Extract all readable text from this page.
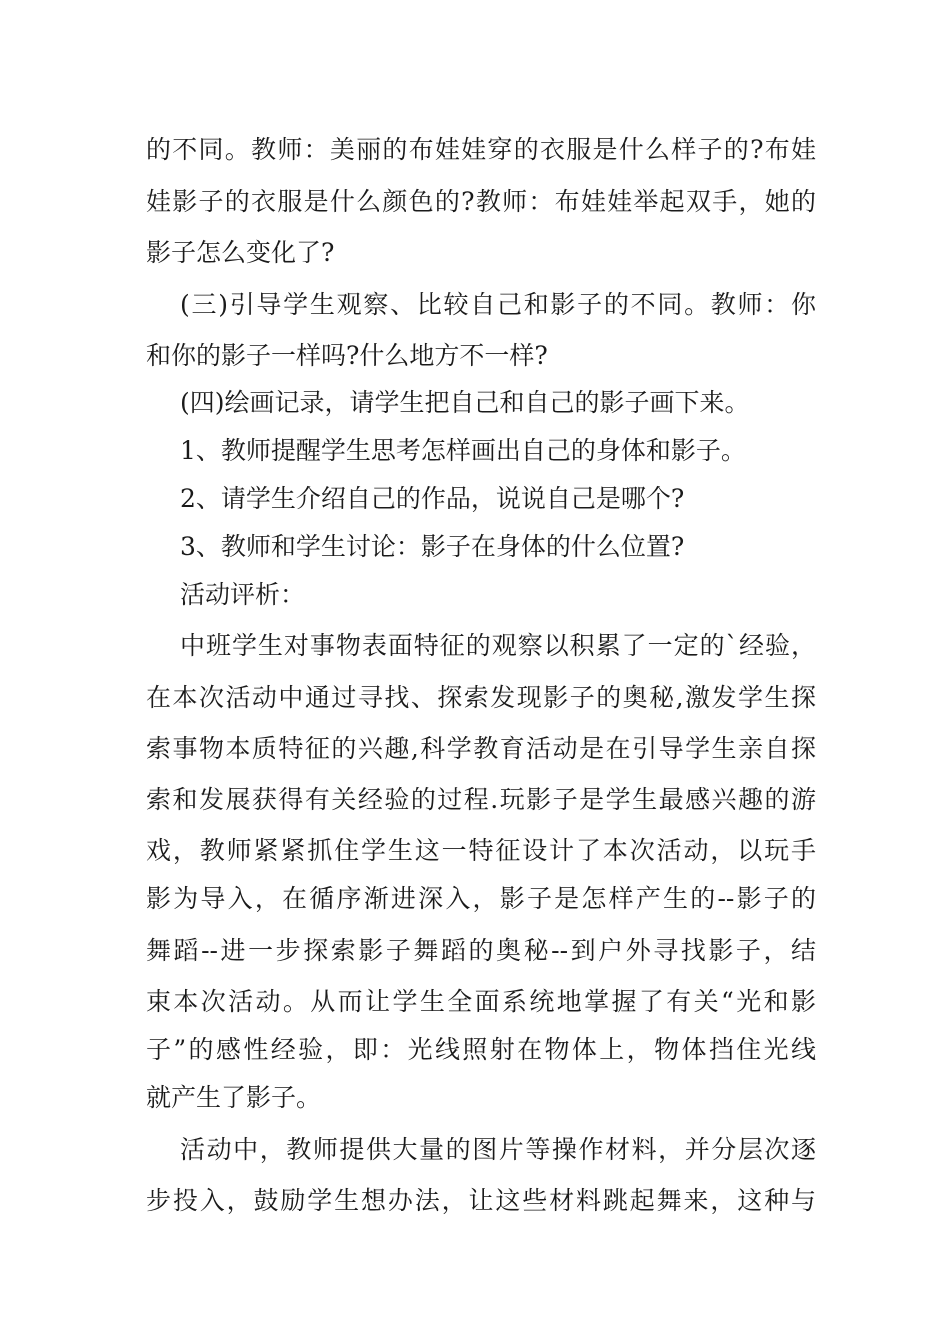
的不同。教师：美丽的布娃娃穿的衣服是什么样子的?布娃
娃影子的衣服是什么颜色的?教师：布娃娃举起双手，她的
影子怎么变化了?
(三)引导学生观察、比较自己和影子的不同。教师：你
和你的影子一样吗?什么地方不一样?
(四)绘画记录，请学生把自己和自己的影子画下来。
1、教师提醒学生思考怎样画出自己的身体和影子。
2、请学生介绍自己的作品，说说自己是哪个?
3、教师和学生讨论：影子在身体的什么位置?
活动评析：
中班学生对事物表面特征的观察以积累了一定的`经验，
在本次活动中通过寻找、探索发现影子的奥秘,激发学生探
索事物本质特征的兴趣,科学教育活动是在引导学生亲自探
索和发展获得有关经验的过程.玩影子是学生最感兴趣的游
戏，教师紧紧抓住学生这一特征设计了本次活动，以玩手
影为导入，在循序渐进深入，影子是怎样产生的--影子的
舞蹈--进一步探索影子舞蹈的奥秘--到户外寻找影子，结
束本次活动。从而让学生全面系统地掌握了有关“光和影
子”的感性经验，即：光线照射在物体上，物体挡住光线
就产生了影子。
活动中，教师提供大量的图片等操作材料，并分层次逐
步投入，鼓励学生想办法，让这些材料跳起舞来，这种与
